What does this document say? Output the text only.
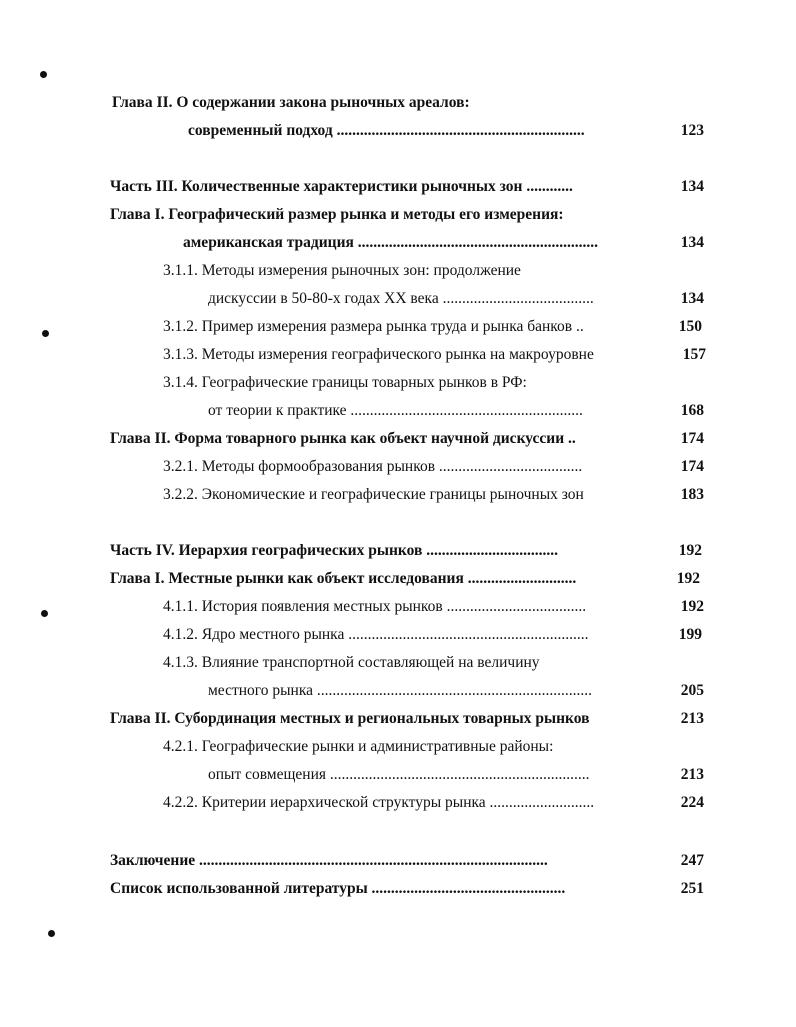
Глава II. О содержании закона рыночных ареалов:
современный подход ................................................................	123
Часть III. Количественные характеристики рыночных зон ............	134
Глава I. Географический размер рынка и методы его измерения:
американская традиция ..............................................................	134
3.1.1. Методы измерения рыночных зон: продолжение
дискуссии в 50-80-х годах XX века .......................................	134
3.1.2. Пример измерения размера рынка труда и рынка банков ..	150
3.1.3. Методы измерения географического рынка на макроуровне	157
3.1.4. Географические границы товарных рынков в РФ:
от теории к практике ............................................................	168
Глава II. Форма товарного рынка как объект научной дискуссии ..	174
3.2.1. Методы формообразования рынков .....................................	174
3.2.2. Экономические и географические границы рыночных зон	183
Часть IV. Иерархия географических рынков ..................................	192
Глава I. Местные рынки как объект исследования ............................	192
4.1.1. История появления местных рынков ....................................	192
4.1.2. Ядро местного рынка ..............................................................	199
4.1.3. Влияние транспортной составляющей на величину
местного рынка .......................................................................	205
Глава II. Субординация местных и региональных товарных рынков	213
4.2.1. Географические рынки и административные районы:
опыт совмещения ...................................................................	213
4.2.2. Критерии иерархической структуры рынка ...........................	224
Заключение ..........................................................................................	247
Список использованной литературы ..................................................	251
